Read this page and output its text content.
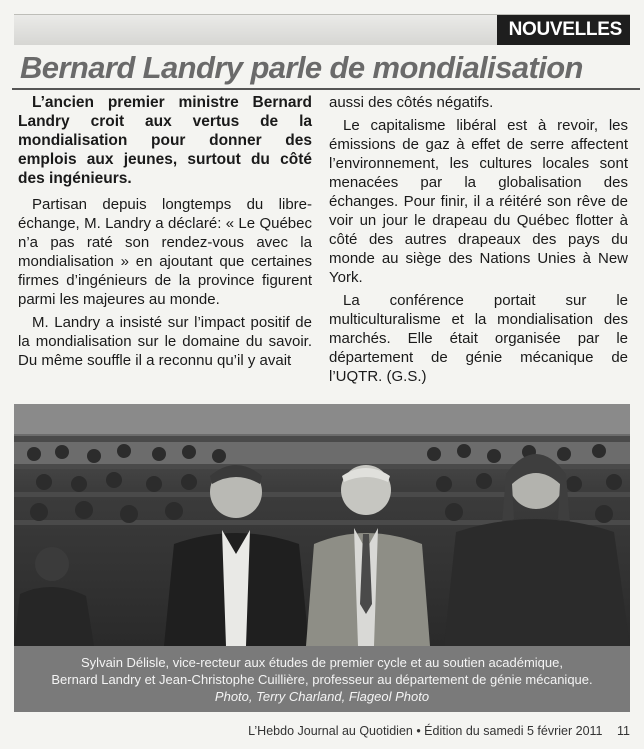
NOUVELLES
Bernard Landry parle de mondialisation

L’ancien premier ministre Bernard Landry croit aux vertus de la mondialisation pour donner des emplois aux jeunes, surtout du côté des ingénieurs.

Partisan depuis longtemps du libre-échange, M. Landry a déclaré: « Le Québec n’a pas raté son rendez-vous avec la mondialisation » en ajoutant que certaines firmes d’ingénieurs de la province figurent parmi les majeures au monde.

M. Landry a insisté sur l’impact positif de la mondialisation sur le domaine du savoir. Du même souffle il a reconnu qu’il y avait

aussi des côtés négatifs.

Le capitalisme libéral est à revoir, les émissions de gaz à effet de serre affectent l’environnement, les cultures locales sont menacées par la globalisation des échanges. Pour finir, il a réitéré son rêve de voir un jour le drapeau du Québec flotter à côté des autres drapeaux des pays du monde au siège des Nations Unies à New York.

La conférence portait sur le multiculturalisme et la mondialisation des marchés. Elle était organisée par le département de génie mécanique de l’UQTR. (G.S.)

Sylvain Délisle, vice-recteur aux études de premier cycle et au soutien académique,
Bernard Landry et Jean-Christophe Cuillière, professeur au département de génie mécanique.
Photo, Terry Charland, Flageol Photo
L’Hebdo Journal au Quotidien • Édition du samedi 5 février 2011 11
